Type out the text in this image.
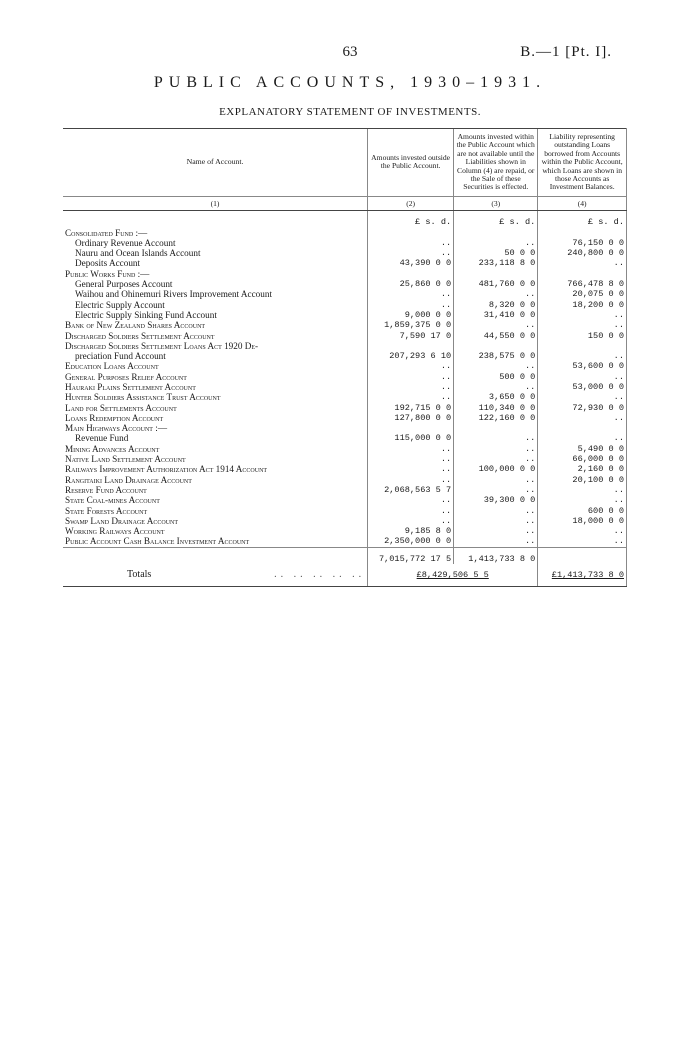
63	B.—1 [Pt. I].
PUBLIC ACCOUNTS, 1930–1931.
EXPLANATORY STATEMENT OF INVESTMENTS.
Name of Account.	Amounts invested outside the Public Account.	Amounts invested within the Public Account which are not available until the Liabilities shown in Column (4) are repaid, or the Sale of these Securities is effected.	Liability representing outstanding Loans borrowed from Accounts within the Public Account, which Loans are shown in those Accounts as Investment Balances.
(1)	(2)	(3)	(4)
	£ s. d.	£ s. d.	£ s. d.
Consolidated Fund :—			
Ordinary Revenue Account	..	..	76,150 0 0
Nauru and Ocean Islands Account	..	50 0 0	240,800 0 0
Deposits Account	43,390 0 0	233,118 8 0	..
Public Works Fund :—			
General Purposes Account	25,860 0 0	481,760 0 0	766,478 8 0
Waihou and Ohinemuri Rivers Improvement Account	..	..	20,075 0 0
Electric Supply Account	..	8,320 0 0	18,200 0 0
Electric Supply Sinking Fund Account	9,000 0 0	31,410 0 0	..
Bank of New Zealand Shares Account	1,859,375 0 0	..	..
Discharged Soldiers Settlement Account	7,590 17 0	44,550 0 0	150 0 0
Discharged Soldiers Settlement Loans Act 1920 De-			
preciation Fund Account	207,293 6 10	238,575 0 0	..
Education Loans Account	..	..	53,600 0 0
General Purposes Relief Account	..	500 0 0	..
Hauraki Plains Settlement Account	..	..	53,000 0 0
Hunter Soldiers Assistance Trust Account	..	3,650 0 0	..
Land for Settlements Account	192,715 0 0	110,340 0 0	72,930 0 0
Loans Redemption Account	127,800 0 0	122,160 0 0	..
Main Highways Account :—			
Revenue Fund	115,000 0 0	..	..
Mining Advances Account	..	..	5,490 0 0
Native Land Settlement Account	..	..	66,000 0 0
Railways Improvement Authorization Act 1914 Account	..	100,000 0 0	2,160 0 0
Rangitaiki Land Drainage Account	..	..	20,100 0 0
Reserve Fund Account	2,068,563 5 7	..	..
State Coal-mines Account	..	39,300 0 0	..
State Forests Account	..	..	600 0 0
Swamp Land Drainage Account	..	..	18,000 0 0
Working Railways Account	9,185 8 0	..	..
Public Account Cash Balance Investment Account	2,350,000 0 0	..	..
	7,015,772 17 5	1,413,733 8 0	
Totals .. .. .. .. ..	£8,429,506 5 5		£1,413,733 8 0
